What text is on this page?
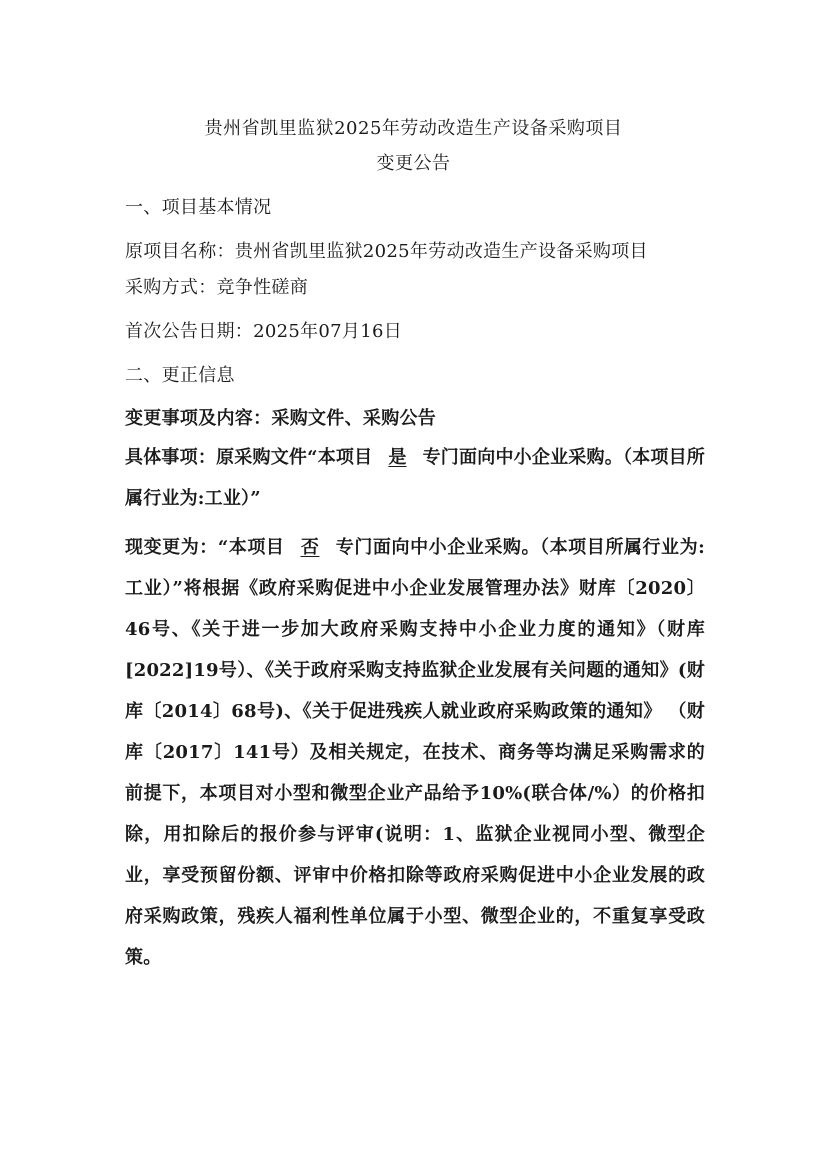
贵州省凯里监狱2025年劳动改造生产设备采购项目
变更公告
一、项目基本情况
原项目名称：贵州省凯里监狱2025年劳动改造生产设备采购项目
采购方式：竞争性磋商
首次公告日期：2025年07月16日
二、更正信息
变更事项及内容：采购文件、采购公告
具体事项：原采购文件“本项目 是 专门面向中小企业采购。（本项目所属行业为:工业）”
现变更为：“本项目 否 专门面向中小企业采购。（本项目所属行业为:工业）”将根据《政府采购促进中小企业发展管理办法》财库〔2020〕46号、《关于进一步加大政府采购支持中小企业力度的通知》（财库[2022]19号）、《关于政府采购支持监狱企业发展有关问题的通知》(财库〔2014〕68号)、《关于促进残疾人就业政府采购政策的通知》 （财库〔2017〕141号）及相关规定，在技术、商务等均满足采购需求的前提下，本项目对小型和微型企业产品给予10%(联合体/%）的价格扣除，用扣除后的报价参与评审(说明：1、监狱企业视同小型、微型企业，享受预留份额、评审中价格扣除等政府采购促进中小企业发展的政府采购政策，残疾人福利性单位属于小型、微型企业的，不重复享受政策。
